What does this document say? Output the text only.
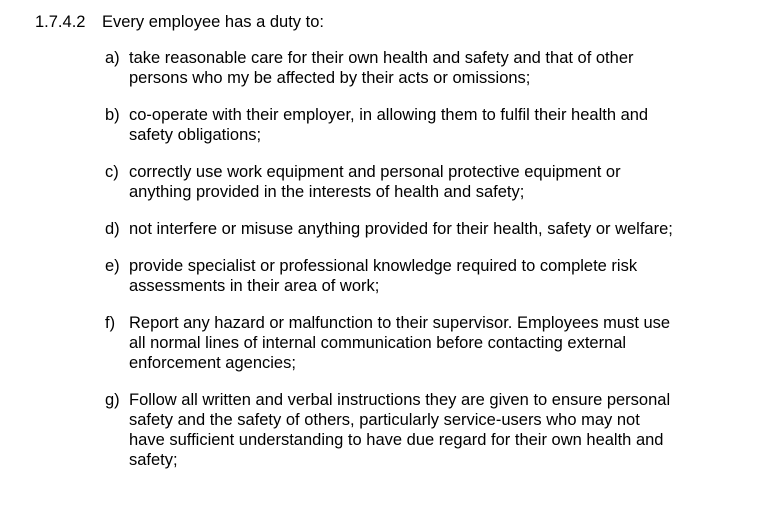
1.7.4.2 Every employee has a duty to:
a) take reasonable care for their own health and safety and that of other
persons who my be affected by their acts or omissions;
b) co-operate with their employer, in allowing them to fulfil their health and
safety obligations;
c) correctly use work equipment and personal protective equipment or
anything provided in the interests of health and safety;
d) not interfere or misuse anything provided for their health, safety or welfare;
e) provide specialist or professional knowledge required to complete risk
assessments in their area of work;
f) Report any hazard or malfunction to their supervisor. Employees must use
all normal lines of internal communication before contacting external
enforcement agencies;
g) Follow all written and verbal instructions they are given to ensure personal
safety and the safety of others, particularly service-users who may not
have sufficient understanding to have due regard for their own health and
safety;
